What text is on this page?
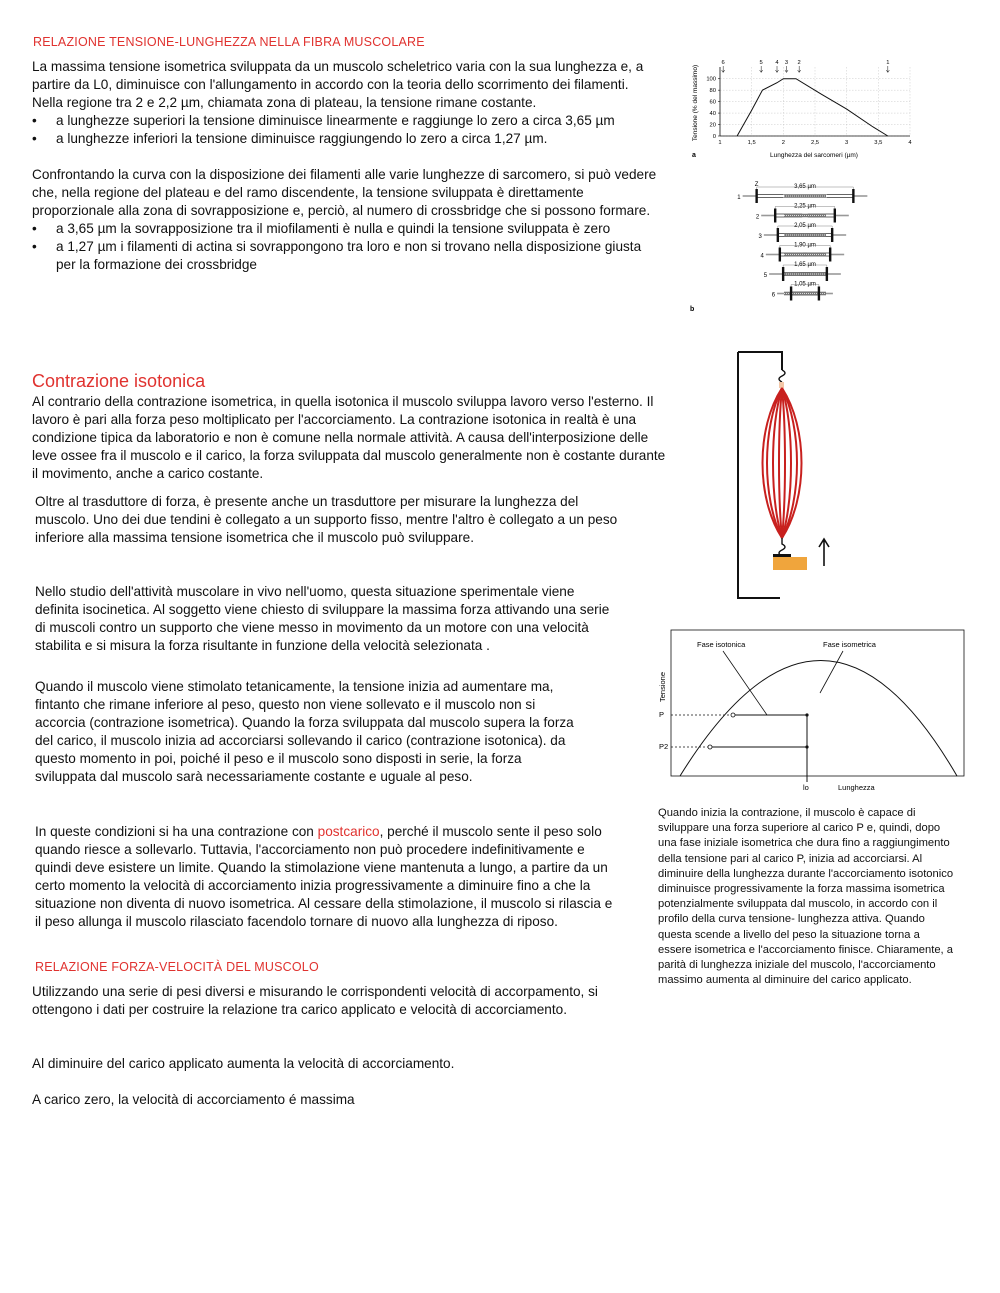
RELAZIONE TENSIONE-LUNGHEZZA NELLA FIBRA MUSCOLARE

La massima tensione isometrica sviluppata da un muscolo scheletrico varia con la sua lunghezza e, a partire da L0, diminuisce con l'allungamento in accordo con la teoria dello scorrimento dei filamenti.

Nella regione tra 2 e 2,2 µm, chiamata zona di plateau, la tensione rimane costante.

• a lunghezze superiori la tensione diminuisce linearmente e raggiunge lo zero a circa 3,65 µm
• a lunghezze inferiori la tensione diminuisce raggiungendo lo zero a circa 1,27 µm.

Confrontando la curva con la disposizione dei filamenti alle varie lunghezze di sarcomero, si può vedere che, nella regione del plateau e del ramo discendente, la tensione sviluppata è direttamente proporzionale alla zona di sovrapposizione e, perciò, al numero di crossbridge che si possono formare.

• a 3,65 µm la sovrapposizione tra il miofilamenti è nulla e quindi la tensione sviluppata è zero
• a 1,27 µm i filamenti di actina si sovrappongono tra loro e non si trovano nella disposizione giusta per la formazione dei crossbridge
Contrazione isotonica
Al contrario della contrazione isometrica, in quella isotonica il muscolo sviluppa lavoro verso l'esterno. Il lavoro è pari alla forza peso moltiplicato per l'accorciamento. La contrazione isotonica in realtà è una condizione tipica da laboratorio e non è comune nella normale attività. A causa dell'interposizione delle leve ossee fra il muscolo e il carico, la forza sviluppata dal muscolo generalmente non è costante durante il movimento, anche a carico costante.
Oltre al trasduttore di forza, è presente anche un trasduttore per misurare la lunghezza del muscolo. Uno dei due tendini è collegato a un supporto fisso, mentre l'altro è collegato a un peso inferiore alla massima tensione isometrica che il muscolo può sviluppare.
Nello studio dell'attività muscolare in vivo nell'uomo, questa situazione sperimentale viene definita isocinetica. Al soggetto viene chiesto di sviluppare la massima forza attivando una serie di muscoli contro un supporto che viene messo in movimento da un motore con una velocità stabilita e si misura la forza risultante in funzione della velocità selezionata .
Quando il muscolo viene stimolato tetanicamente, la tensione inizia ad aumentare ma, fintanto che rimane inferiore al peso, questo non viene sollevato e il muscolo non si accorcia (contrazione isometrica). Quando la forza sviluppata dal muscolo supera la forza del carico, il muscolo inizia ad accorciarsi sollevando il carico (contrazione isotonica). da questo momento in poi, poiché il peso e il muscolo sono disposti in serie, la forza sviluppata dal muscolo sarà necessariamente costante e uguale al peso.
In queste condizioni si ha una contrazione con postcarico, perché il muscolo sente il peso solo quando riesce a sollevarlo. Tuttavia, l'accorciamento non può procedere indefinitivamente e quindi deve esistere un limite. Quando la stimolazione viene mantenuta a lungo, a partire da un certo momento la velocità di accorciamento inizia progressivamente a diminuire fino a che la situazione non diventa di nuovo isometrica. Al cessare della stimolazione, il muscolo si rilascia e il peso allunga il muscolo rilasciato facendolo tornare di nuovo alla lunghezza di riposo.
RELAZIONE FORZA-VELOCITÀ DEL MUSCOLO
Utilizzando una serie di pesi diversi e misurando le corrispondenti velocità di accorpamento, si ottengono i dati per costruire la relazione tra carico applicato e velocità di accorciamento.
Al diminuire del carico applicato aumenta la velocità di accorciamento.
A carico zero, la velocità di accorciamento é massima
Tensione (% del massimo)
Lunghezza del sarcomeri (µm)
a
0
20
40
60
80
100
1	1,5	2	2,5	3	3,5	4
6	5 4 3 2	1
b
1
3,65 µm
Z
2
2,25 µm
3
2,05 µm
4
1,90 µm
5
1,65 µm
6
1,05 µm
Tensione
Lunghezza
lo
P
P2
Fase isotonica	Fase isometrica
Quando inizia la contrazione, il muscolo è capace di sviluppare una forza superiore al carico P e, quindi, dopo una fase iniziale isometrica che dura fino a raggiungimento della tensione pari al carico P, inizia ad accorciarsi. Al diminuire della lunghezza durante l'accorciamento isotonico diminuisce progressivamente la forza massima isometrica potenzialmente sviluppata dal muscolo, in accordo con il profilo della curva tensione- lunghezza attiva. Quando questa scende a livello del peso la situazione torna a essere isometrica e l'accorciamento finisce. Chiaramente, a parità di lunghezza iniziale del muscolo, l'accorciamento massimo aumenta al diminuire del carico applicato.
